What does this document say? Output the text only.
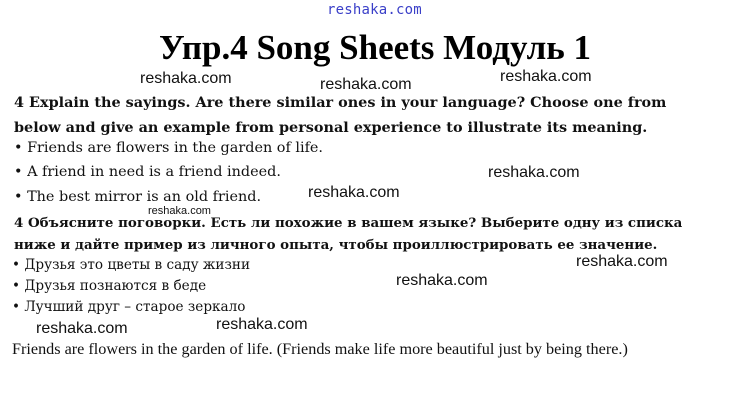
reshaka.com
Упр.4 Song Sheets Модуль 1
reshaka.com	reshaka.com	reshaka.com
reshaka.com
reshaka.com
reshaka.com
reshaka.com
reshaka.com
reshaka.com	reshaka.com
4 Explain the sayings. Are there similar ones in your language? Choose one from
below and give an example from personal experience to illustrate its meaning.
• Friends are flowers in the garden of life.
• A friend in need is a friend indeed.
• The best mirror is an old friend.
4 Объясните поговорки. Есть ли похожие в вашем языке? Выберите одну из списка
ниже и дайте пример из личного опыта, чтобы проиллюстрировать ее значение.
• Друзья это цветы в саду жизни
• Друзья познаются в беде
• Лучший друг – старое зеркало
Friends are flowers in the garden of life. (Friends make life more beautiful just by being there.)
